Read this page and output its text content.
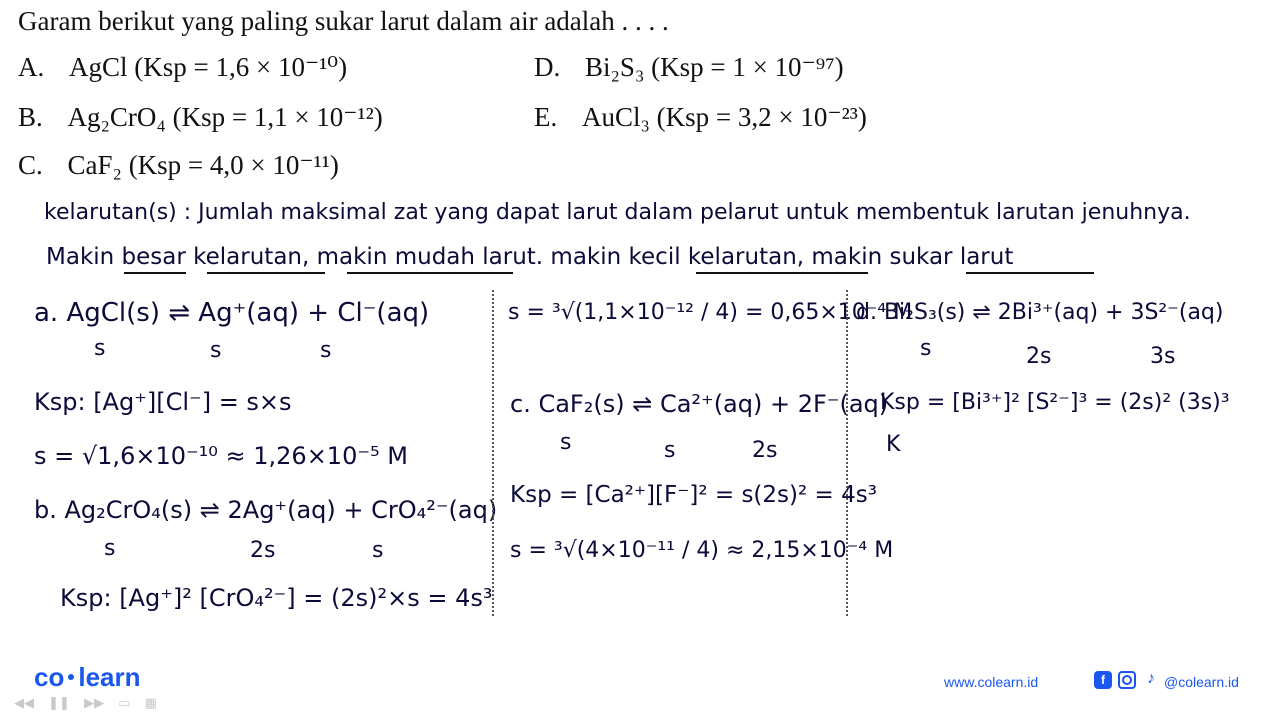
Garam berikut yang paling sukar larut dalam air adalah . . . .
A. AgCl (Ksp = 1,6 × 10⁻¹⁰)
B. Ag₂CrO₄ (Ksp = 1,1 × 10⁻¹²)
C. CaF₂ (Ksp = 4,0 × 10⁻¹¹)
D. Bi₂S₃ (Ksp = 1 × 10⁻⁹⁷)
E. AuCl₃ (Ksp = 3,2 × 10⁻²³)
kelarutan(s) : Jumlah maksimal zat yang dapat larut dalam pelarut untuk membentuk larutan jenuhnya.
Makin besar kelarutan, makin mudah larut. makin kecil kelarutan, makin sukar larut
a. AgCl(s) ⇌ Ag⁺(aq) + Cl⁻(aq)
s	s	s
Ksp: [Ag⁺][Cl⁻] = s×s
s = √1,6×10⁻¹⁰ ≈ 1,26×10⁻⁵ M
b. Ag₂CrO₄(s) ⇌ 2Ag⁺(aq) + CrO₄²⁻(aq)
s	2s	s
Ksp: [Ag⁺]² [CrO₄²⁻] = (2s)²×s = 4s³
s = ³√(1,1×10⁻¹² / 4) = 0,65×10⁻⁴ M
c. CaF₂(s) ⇌ Ca²⁺(aq) + 2F⁻(aq)
s	s	2s
Ksp = [Ca²⁺][F⁻]² = s(2s)² = 4s³
s = ³√(4×10⁻¹¹ / 4) ≈ 2,15×10⁻⁴ M
d. Bi₂S₃(s) ⇌ 2Bi³⁺(aq) + 3S²⁻(aq)
s	2s	3s
Ksp = [Bi³⁺]² [S²⁻]³ = (2s)² (3s)³
K
co learn
◀◀ ❚❚ ▶▶ ▭ ▦
www.colearn.id	f	♪ @colearn.id
